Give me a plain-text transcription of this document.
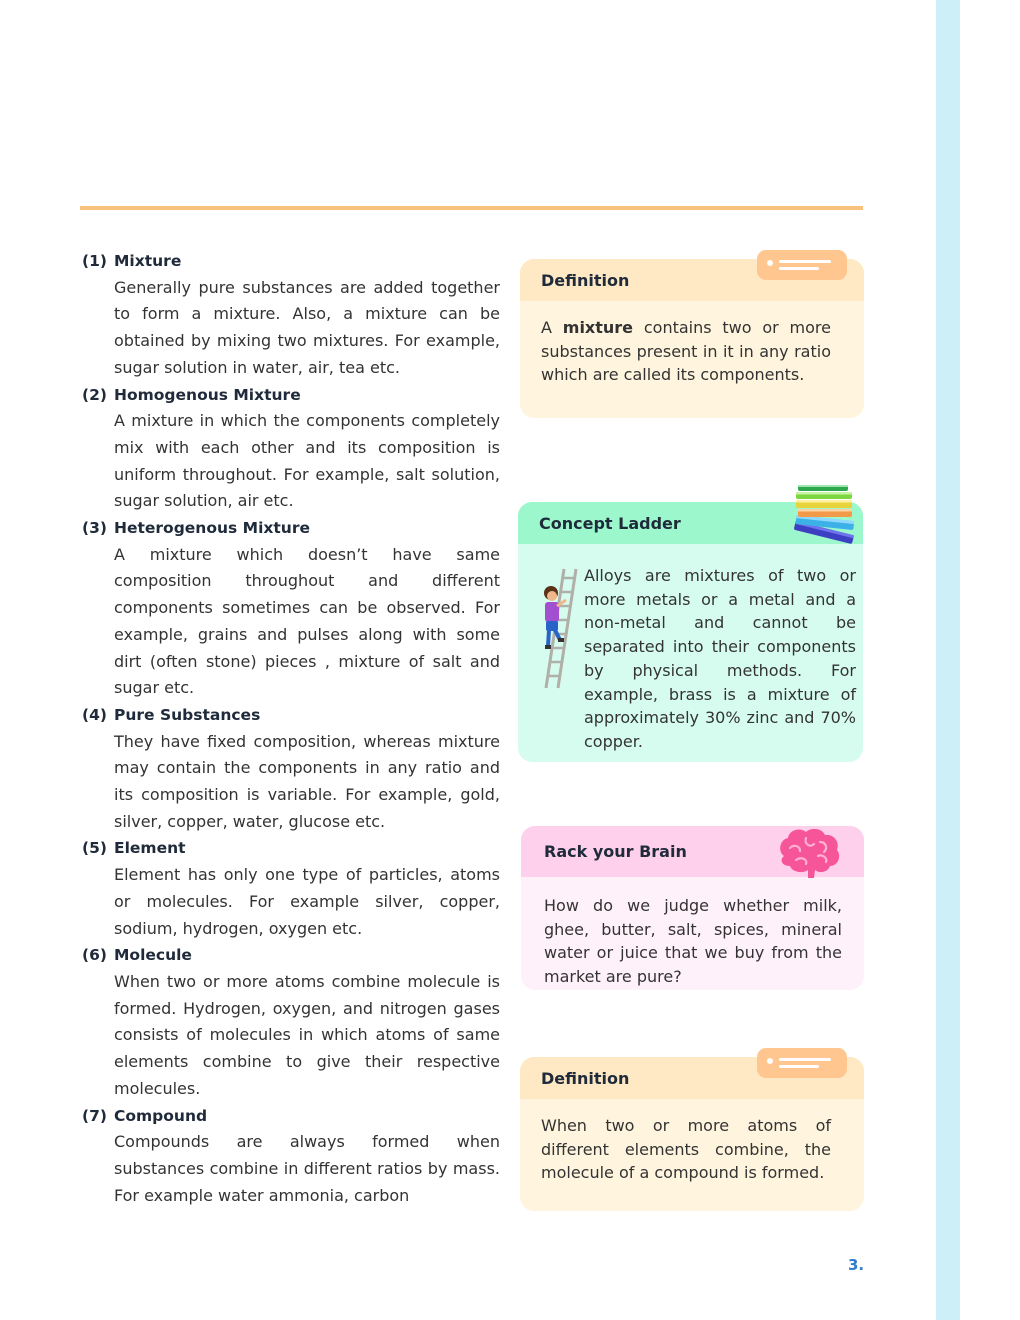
(1) Mixture

Generally pure substances are added together to form a mixture. Also, a mixture can be obtained by mixing two mixtures. For example, sugar solution in water, air, tea etc.

(2) Homogenous Mixture

A mixture in which the components completely mix with each other and its composition is uniform throughout. For example, salt solution, sugar solution, air etc.

(3) Heterogenous Mixture

A mixture which doesn’t have same composition throughout and different components sometimes can be observed. For example, grains and pulses along with some dirt (often stone) pieces , mixture of salt and sugar etc.

(4) Pure Substances

They have fixed composition, whereas mixture may contain the components in any ratio and its composition is variable. For example, gold, silver, copper, water, glucose etc.

(5) Element

Element has only one type of particles, atoms or molecules. For example silver, copper, sodium, hydrogen, oxygen etc.

(6) Molecule

When two or more atoms combine molecule is formed. Hydrogen, oxygen, and nitrogen gases consists of molecules in which atoms of same elements combine to give their respective molecules.

(7) Compound

Compounds are always formed when substances combine in different ratios by mass. For example water ammonia, carbon

Definition

A mixture contains two or more substances present in it in any ratio which are called its components.

Concept Ladder

Alloys are mixtures of two or more metals or a metal and a non-metal and cannot be separated into their components by physical methods. For example, brass is a mixture of approximately 30% zinc and 70% copper.

Rack your Brain

How do we judge whether milk, ghee, butter, salt, spices, mineral water or juice that we buy from the market are pure?

Definition

When two or more atoms of different elements combine, the molecule of a compound is formed.

3.
